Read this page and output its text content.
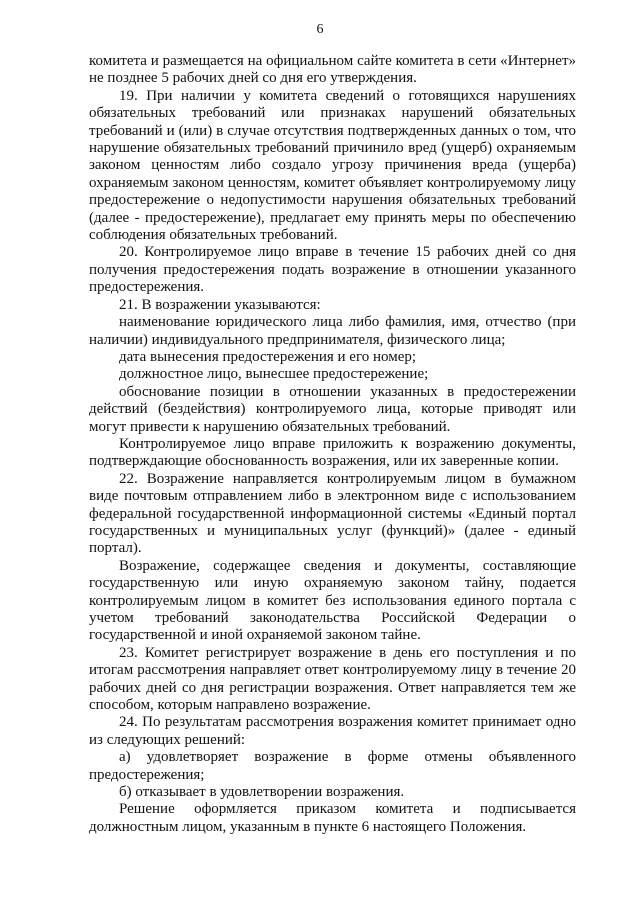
6

комитета и размещается на официальном сайте комитета в сети «Интернет» не позднее 5 рабочих дней со дня его утверждения.

19. При наличии у комитета сведений о готовящихся нарушениях обязательных требований или признаках нарушений обязательных требований и (или) в случае отсутствия подтвержденных данных о том, что нарушение обязательных требований причинило вред (ущерб) охраняемым законом ценностям либо создало угрозу причинения вреда (ущерба) охраняемым законом ценностям, комитет объявляет контролируемому лицу предостережение о недопустимости нарушения обязательных требований (далее - предостережение), предлагает ему принять меры по обеспечению соблюдения обязательных требований.

20. Контролируемое лицо вправе в течение 15 рабочих дней со дня получения предостережения подать возражение в отношении указанного предостережения.

21. В возражении указываются:

наименование юридического лица либо фамилия, имя, отчество (при наличии) индивидуального предпринимателя, физического лица;

дата вынесения предостережения и его номер;

должностное лицо, вынесшее предостережение;

обоснование позиции в отношении указанных в предостережении действий (бездействия) контролируемого лица, которые приводят или могут привести к нарушению обязательных требований.

Контролируемое лицо вправе приложить к возражению документы, подтверждающие обоснованность возражения, или их заверенные копии.

22. Возражение направляется контролируемым лицом в бумажном виде почтовым отправлением либо в электронном виде с использованием федеральной государственной информационной системы «Единый портал государственных и муниципальных услуг (функций)» (далее - единый портал).

Возражение, содержащее сведения и документы, составляющие государственную или иную охраняемую законом тайну, подается контролируемым лицом в комитет без использования единого портала с учетом требований законодательства Российской Федерации о государственной и иной охраняемой законом тайне.

23. Комитет регистрирует возражение в день его поступления и по итогам рассмотрения направляет ответ контролируемому лицу в течение 20 рабочих дней со дня регистрации возражения. Ответ направляется тем же способом, которым направлено возражение.

24. По результатам рассмотрения возражения комитет принимает одно из следующих решений:

а) удовлетворяет возражение в форме отмены объявленного предостережения;

б) отказывает в удовлетворении возражения.

Решение оформляется приказом комитета и подписывается должностным лицом, указанным в пункте 6 настоящего Положения.
